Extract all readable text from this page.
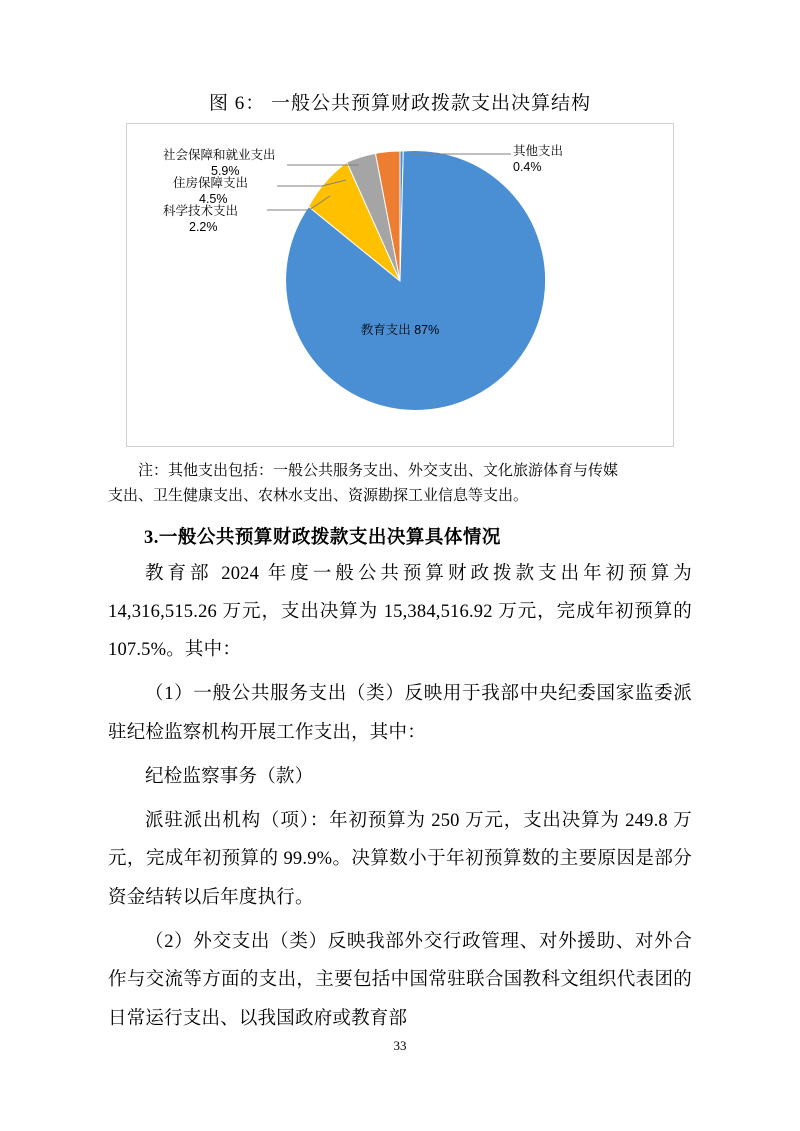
图 6： 一般公共预算财政拨款支出决算结构
其他支出
0.4%
社会保障和就业支出
5.9%
住房保障支出
4.5%
科学技术支出
2.2%
教育支出 87%
注：其他支出包括：一般公共服务支出、外交支出、文化旅游体育与传媒
支出、卫生健康支出、农林水支出、资源勘探工业信息等支出。
3.一般公共预算财政拨款支出决算具体情况

教育部 2024 年度一般公共预算财政拨款支出年初预算为 14,316,515.26 万元，支出决算为 15,384,516.92 万元，完成年初预算的 107.5%。其中：

（1）一般公共服务支出（类）反映用于我部中央纪委国家监委派驻纪检监察机构开展工作支出，其中：

纪检监察事务（款）

派驻派出机构（项）：年初预算为 250 万元，支出决算为 249.8 万元，完成年初预算的 99.9%。决算数小于年初预算数的主要原因是部分资金结转以后年度执行。

（2）外交支出（类）反映我部外交行政管理、对外援助、对外合作与交流等方面的支出，主要包括中国常驻联合国教科文组织代表团的日常运行支出、以我国政府或教育部

33
